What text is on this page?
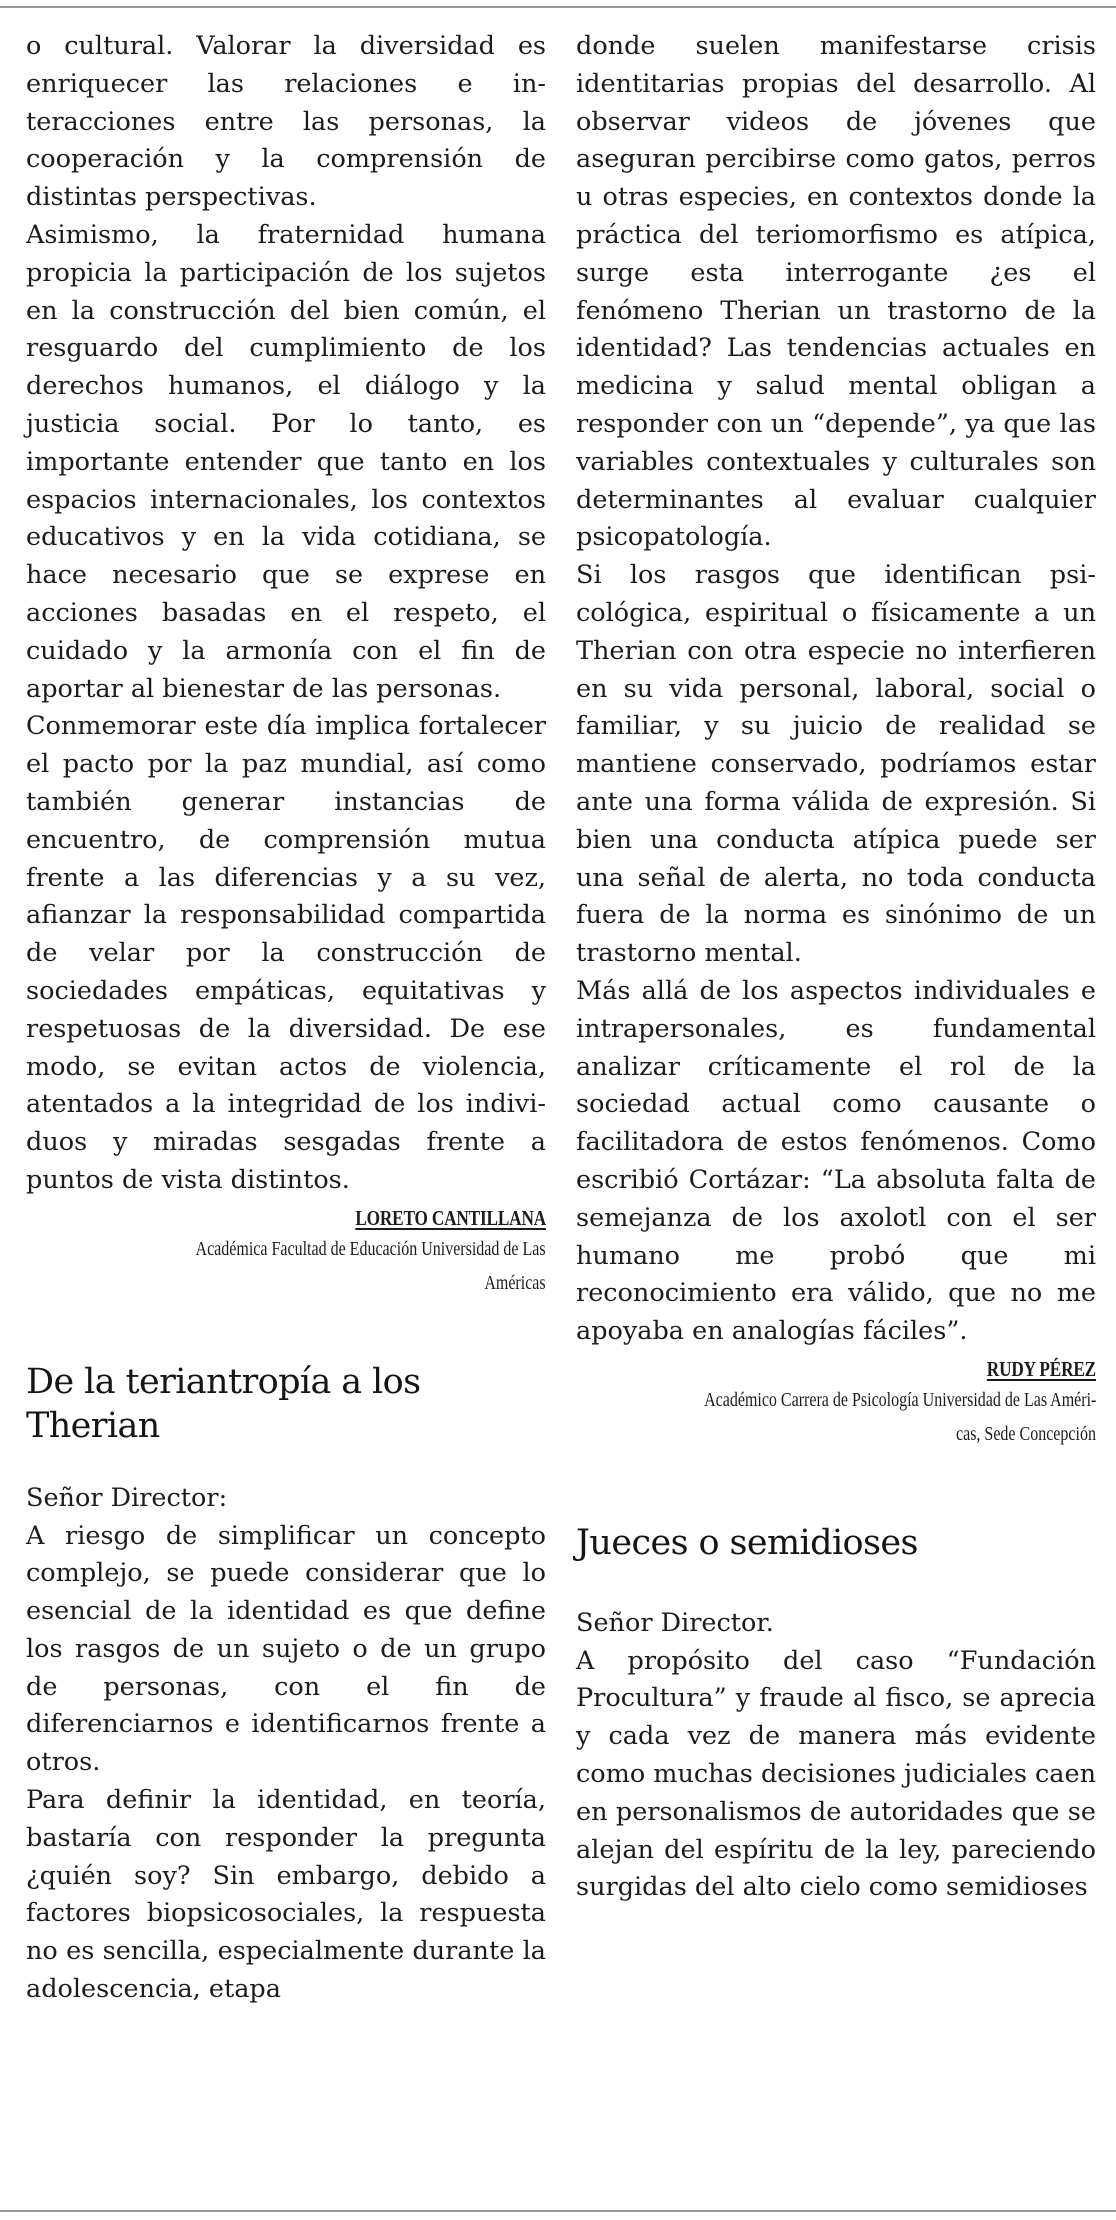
o cultural. Valorar la diversidad es enriquecer las relaciones e interacciones entre las personas, la cooperación y la comprensión de distintas perspectivas.

Asimismo, la fraternidad humana propicia la participación de los sujetos en la construcción del bien común, el resguardo del cumplimiento de los derechos humanos, el diálogo y la justicia social. Por lo tanto, es importante entender que tanto en los espacios internacionales, los contextos educativos y en la vida cotidiana, se hace necesario que se exprese en acciones basadas en el respeto, el cuidado y la armonía con el fin de aportar al bienestar de las personas.

Conmemorar este día implica fortalecer el pacto por la paz mundial, así como también generar instancias de encuentro, de comprensión mutua frente a las diferencias y a su vez, afianzar la responsabilidad compartida de velar por la construcción de sociedades empáticas, equitativas y respetuosas de la diversidad. De ese modo, se evitan actos de violencia, atentados a la integridad de los individuos y miradas sesgadas frente a puntos de vista distintos.

LORETO CANTILLANA
Académica Facultad de Educación Universidad de Las
Américas
De la teriantropía a los Therian

Señor Director:

A riesgo de simplificar un concepto complejo, se puede considerar que lo esencial de la identidad es que define los rasgos de un sujeto o de un grupo de personas, con el fin de diferenciarnos e identificarnos frente a otros.

Para definir la identidad, en teoría, bastaría con responder la pregunta ¿quién soy? Sin embargo, debido a factores biopsicosociales, la respuesta no es sencilla, especialmente durante la adolescencia, etapa

donde suelen manifestarse crisis identitarias propias del desarrollo. Al observar videos de jóvenes que aseguran percibirse como gatos, perros u otras especies, en contextos donde la práctica del teriomorfismo es atípica, surge esta interrogante ¿es el fenómeno Therian un trastorno de la identidad? Las tendencias actuales en medicina y salud mental obligan a responder con un “depende”, ya que las variables contextuales y culturales son determinantes al evaluar cualquier psicopatología.

Si los rasgos que identifican psicológica, espiritual o físicamente a un Therian con otra especie no interfieren en su vida personal, laboral, social o familiar, y su juicio de realidad se mantiene conservado, podríamos estar ante una forma válida de expresión. Si bien una conducta atípica puede ser una señal de alerta, no toda conducta fuera de la norma es sinónimo de un trastorno mental.

Más allá de los aspectos individuales e intrapersonales, es fundamental analizar críticamente el rol de la sociedad actual como causante o facilitadora de estos fenómenos. Como escribió Cortázar: “La absoluta falta de semejanza de los axolotl con el ser humano me probó que mi reconocimiento era válido, que no me apoyaba en analogías fáciles”.

RUDY PÉREZ
Académico Carrera de Psicología Universidad de Las Améri-
cas, Sede Concepción
Jueces o semidioses

Señor Director.

A propósito del caso “Fundación Procultura” y fraude al fisco, se aprecia y cada vez de manera más evidente como muchas decisiones judiciales caen en personalismos de autoridades que se alejan del espíritu de la ley, pareciendo surgidas del alto cielo como semidioses
